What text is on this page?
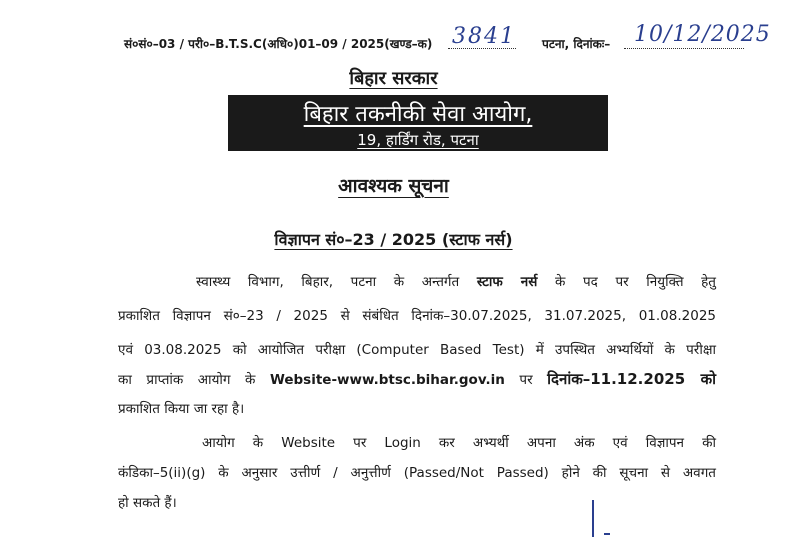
सं०सं०–03 / परी०–B.T.S.C(अधि०)01–09 / 2025(खण्ड–क) 3841 पटना, दिनांकः– 10/12/2025
बिहार सरकार
बिहार तकनीकी सेवा आयोग,
19, हार्डिंग रोड, पटना
आवश्यक सूचना
विज्ञापन सं०–23 / 2025 (स्टाफ नर्स)
स्वास्थ्य विभाग, बिहार, पटना के अन्तर्गत स्टाफ नर्स के पद पर नियुक्ति हेतु
प्रकाशित विज्ञापन सं०–23 / 2025 से संबंधित दिनांक–30.07.2025, 31.07.2025, 01.08.2025
एवं 03.08.2025 को आयोजित परीक्षा (Computer Based Test) में उपस्थित अभ्यर्थियों के परीक्षा
का प्राप्तांक आयोग के Website-www.btsc.bihar.gov.in पर दिनांक–11.12.2025 को
प्रकाशित किया जा रहा है।
आयोग के Website पर Login कर अभ्यर्थी अपना अंक एवं विज्ञापन की
कंडिका–5(ii)(g) के अनुसार उत्तीर्ण / अनुत्तीर्ण (Passed/Not Passed) होने की सूचना से अवगत
हो सकते हैं।
